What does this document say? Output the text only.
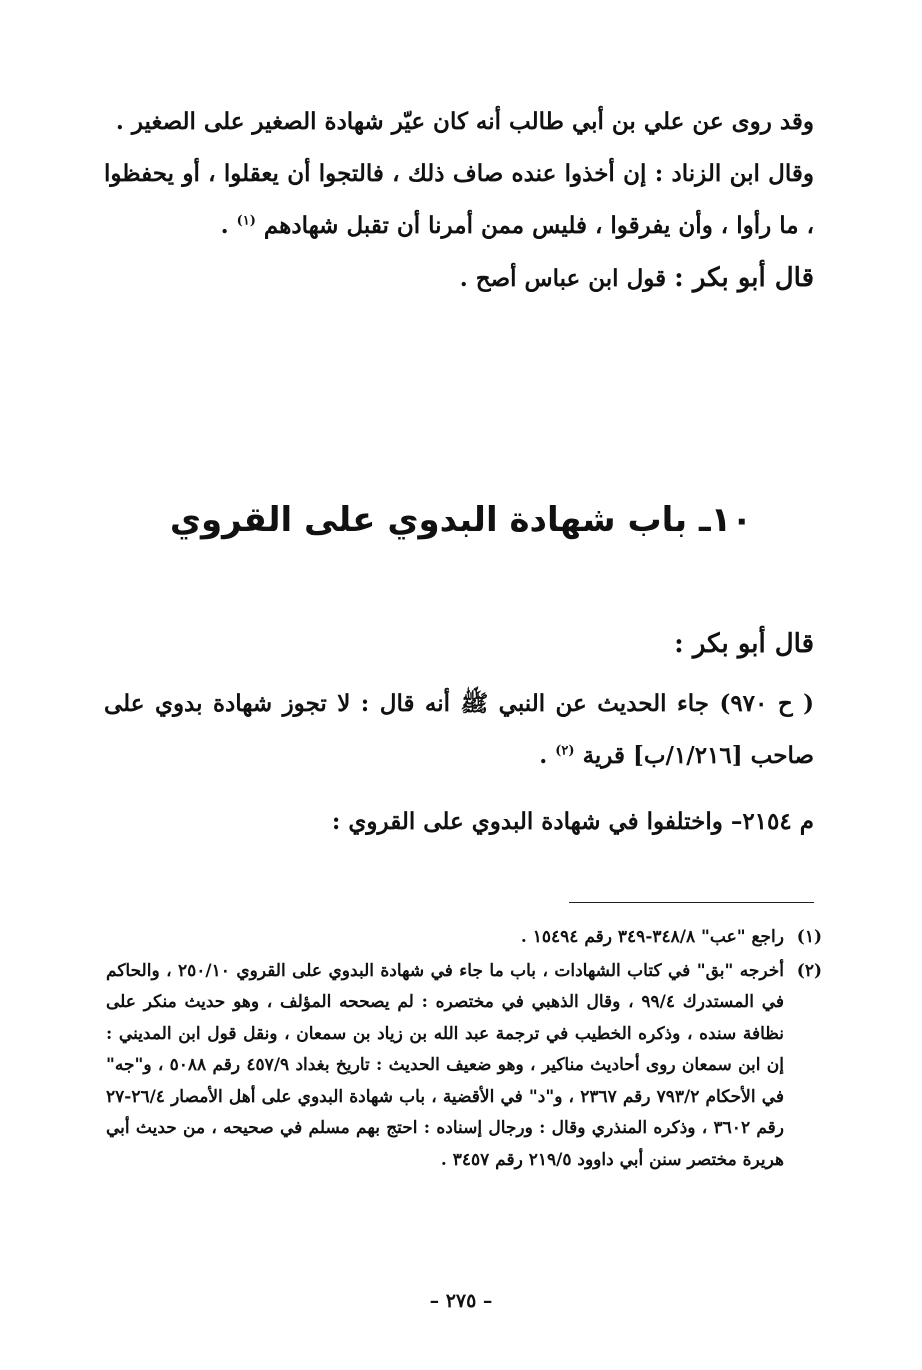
وقد روى عن علي بن أبي طالب أنه كان عيّر شهادة الصغير على الصغير .

وقال ابن الزناد : إن أخذوا عنده صاف ذلك ، فالتجوا أن يعقلوا ، أو يحفظوا ، ما رأوا ، وأن يفرقوا ، فليس ممن أمرنا أن تقبل شهادهم $^{(١)}$ .

قال أبو بكر : قول ابن عباس أصح .

١٠ـ باب شهادة البدوي على القروي

قال أبو بكر :

( ح ٩٧٠) جاء الحديث عن النبي ﷺ أنه قال : لا تجوز شهادة بدوي على صاحب [١/٢١٦/ب] قرية $^{(٢)}$ .

م ٢١٥٤– واختلفوا في شهادة البدوي على القروي :

(١)
راجع "عب" ٣٤٨/٨-٣٤٩ رقم ١٥٤٩٤ .
(٢)
أخرجه "بق" في كتاب الشهادات ، باب ما جاء في شهادة البدوي على القروي ٢٥٠/١٠ ، والحاكم في المستدرك ٩٩/٤ ، وقال الذهبي في مختصره : لم يصححه المؤلف ، وهو حديث منكر على نظافة سنده ، وذكره الخطيب في ترجمة عبد الله بن زياد بن سمعان ، ونقل قول ابن المديني : إن ابن سمعان روى أحاديث مناكير ، وهو ضعيف الحديث : تاريخ بغداد ٤٥٧/٩ رقم ٥٠٨٨ ، و"جه" في الأحكام ٧٩٣/٢ رقم ٢٣٦٧ ، و"د" في الأقضية ، باب شهادة البدوي على أهل الأمصار ٢٦/٤-٢٧ رقم ٣٦٠٢ ، وذكره المنذري وقال : ورجال إسناده : احتج بهم مسلم في صحيحه ، من حديث أبي هريرة مختصر سنن أبي داوود ٢١٩/٥ رقم ٣٤٥٧ .
– ٢٧٥ –
